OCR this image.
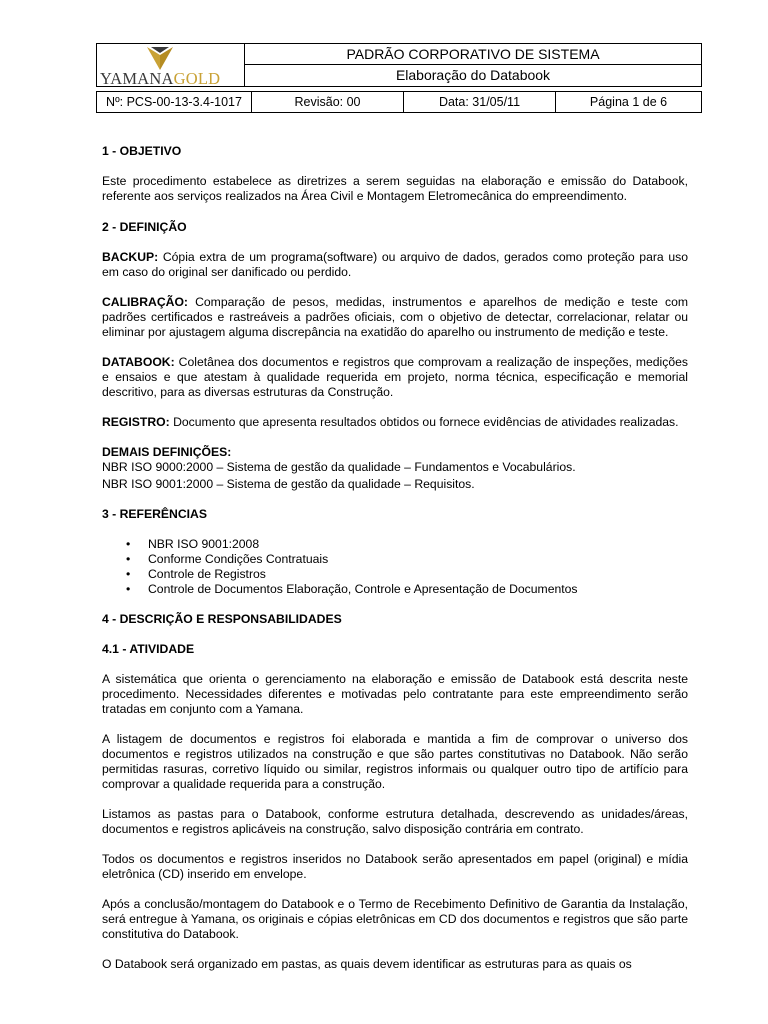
YAMANAGOLD
PADRÃO CORPORATIVO DE SISTEMA
Elaboração do Databook
Nº: PCS-00-13-3.4-1017	Revisão: 00	Data: 31/05/11	Página 1 de 6
1 - OBJETIVO

Este procedimento estabelece as diretrizes a serem seguidas na elaboração e emissão do Databook, referente aos serviços realizados na Área Civil e Montagem Eletromecânica do empreendimento.

2 - DEFINIÇÃO

BACKUP: Cópia extra de um programa(software) ou arquivo de dados, gerados como proteção para uso em caso do original ser danificado ou perdido.

CALIBRAÇÃO: Comparação de pesos, medidas, instrumentos e aparelhos de medição e teste com padrões certificados e rastreáveis a padrões oficiais, com o objetivo de detectar, correlacionar, relatar ou eliminar por ajustagem alguma discrepância na exatidão do aparelho ou instrumento de medição e teste.

DATABOOK: Coletânea dos documentos e registros que comprovam a realização de inspeções, medições e ensaios e que atestam à qualidade requerida em projeto, norma técnica, especificação e memorial descritivo, para as diversas estruturas da Construção.

REGISTRO: Documento que apresenta resultados obtidos ou fornece evidências de atividades realizadas.

DEMAIS DEFINIÇÕES:

NBR ISO 9000:2000 – Sistema de gestão da qualidade – Fundamentos e Vocabulários.

NBR ISO 9001:2000 – Sistema de gestão da qualidade – Requisitos.

3 - REFERÊNCIAS
• NBR ISO 9001:2008
• Conforme Condições Contratuais
• Controle de Registros
• Controle de Documentos Elaboração, Controle e Apresentação de Documentos
4 - DESCRIÇÃO E RESPONSABILIDADES
4.1 - ATIVIDADE

A sistemática que orienta o gerenciamento na elaboração e emissão de Databook está descrita neste procedimento. Necessidades diferentes e motivadas pelo contratante para este empreendimento serão tratadas em conjunto com a Yamana.

A listagem de documentos e registros foi elaborada e mantida a fim de comprovar o universo dos documentos e registros utilizados na construção e que são partes constitutivas no Databook. Não serão permitidas rasuras, corretivo líquido ou similar, registros informais ou qualquer outro tipo de artifício para comprovar a qualidade requerida para a construção.

Listamos as pastas para o Databook, conforme estrutura detalhada, descrevendo as unidades/áreas, documentos e registros aplicáveis na construção, salvo disposição contrária em contrato.

Todos os documentos e registros inseridos no Databook serão apresentados em papel (original) e mídia eletrônica (CD) inserido em envelope.

Após a conclusão/montagem do Databook e o Termo de Recebimento Definitivo de Garantia da Instalação, será entregue à Yamana, os originais e cópias eletrônicas em CD dos documentos e registros que são parte constitutiva do Databook.

O Databook será organizado em pastas, as quais devem identificar as estruturas para as quais os
